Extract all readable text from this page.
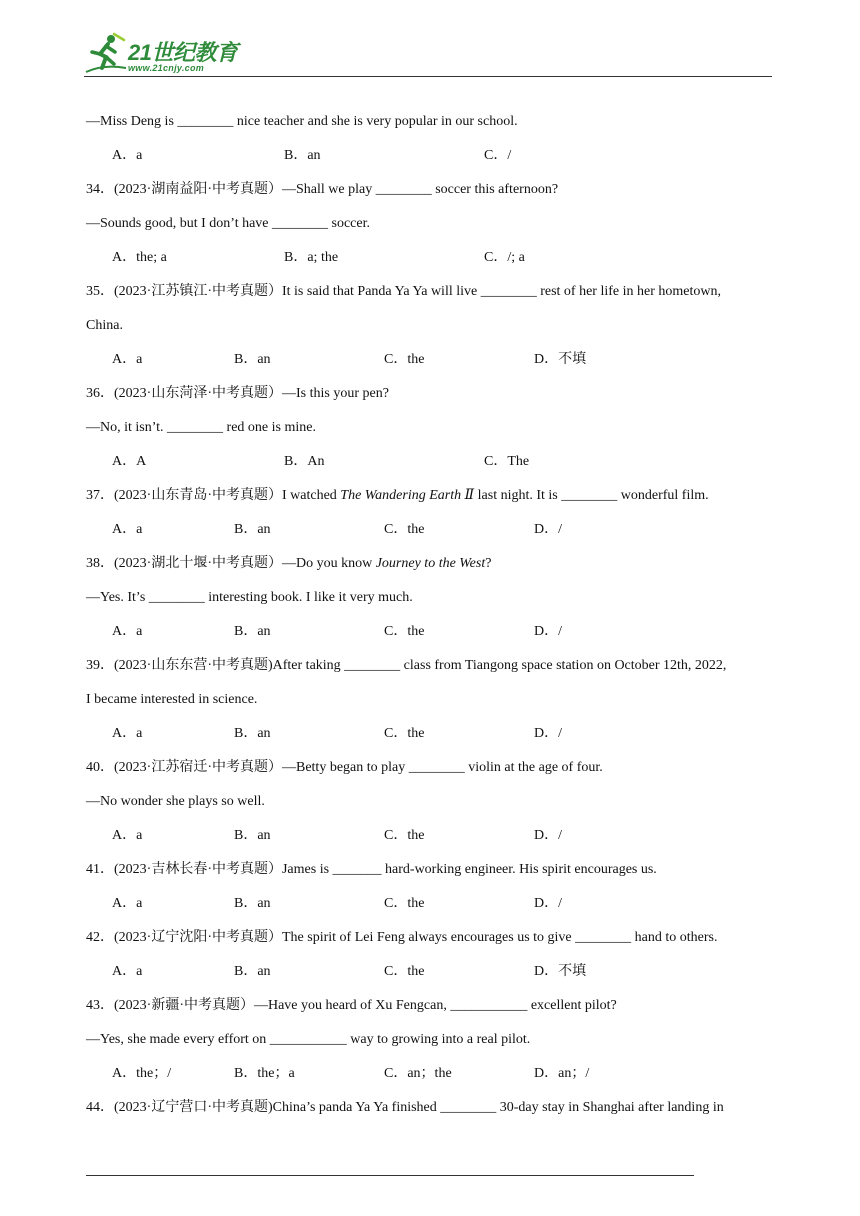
21世纪教育
www.21cnjy.com
—Miss Deng is ________ nice teacher and she is very popular in our school.
A．a	B．an	C．/
34．(2023·湖南益阳·中考真题）—Shall we play ________ soccer this afternoon?
—Sounds good, but I don’t have ________ soccer.
A．the; a	B．a; the	C．/; a
35．(2023·江苏镇江·中考真题）It is said that Panda Ya Ya will live ________ rest of her life in her hometown,
China.
A．a	B．an	C．the	D．不填
36．(2023·山东菏泽·中考真题）—Is this your pen?
—No, it isn’t. ________ red one is mine.
A．A	B．An	C．The
37．(2023·山东青岛·中考真题）I watched The Wandering Earth Ⅱ last night. It is ________ wonderful film.
A．a	B．an	C．the	D．/
38．(2023·湖北十堰·中考真题）—Do you know Journey to the West?
—Yes. It’s ________ interesting book. I like it very much.
A．a	B．an	C．the	D．/
39．(2023·山东东营·中考真题)After taking ________ class from Tiangong space station on October 12th, 2022,
I became interested in science.
A．a	B．an	C．the	D．/
40．(2023·江苏宿迁·中考真题）—Betty began to play ________ violin at the age of four.
—No wonder she plays so well.
A．a	B．an	C．the	D．/
41．(2023·吉林长春·中考真题）James is _______ hard-working engineer. His spirit encourages us.
A．a	B．an	C．the	D．/
42．(2023·辽宁沈阳·中考真题）The spirit of Lei Feng always encourages us to give ________ hand to others.
A．a	B．an	C．the	D．不填
43．(2023·新疆·中考真题）—Have you heard of Xu Fengcan, ___________ excellent pilot?
—Yes, she made every effort on ___________ way to growing into a real pilot.
A．the；/	B．the；a	C．an；the	D．an；/
44．(2023·辽宁营口·中考真题)China’s panda Ya Ya finished ________ 30-day stay in Shanghai after landing in
